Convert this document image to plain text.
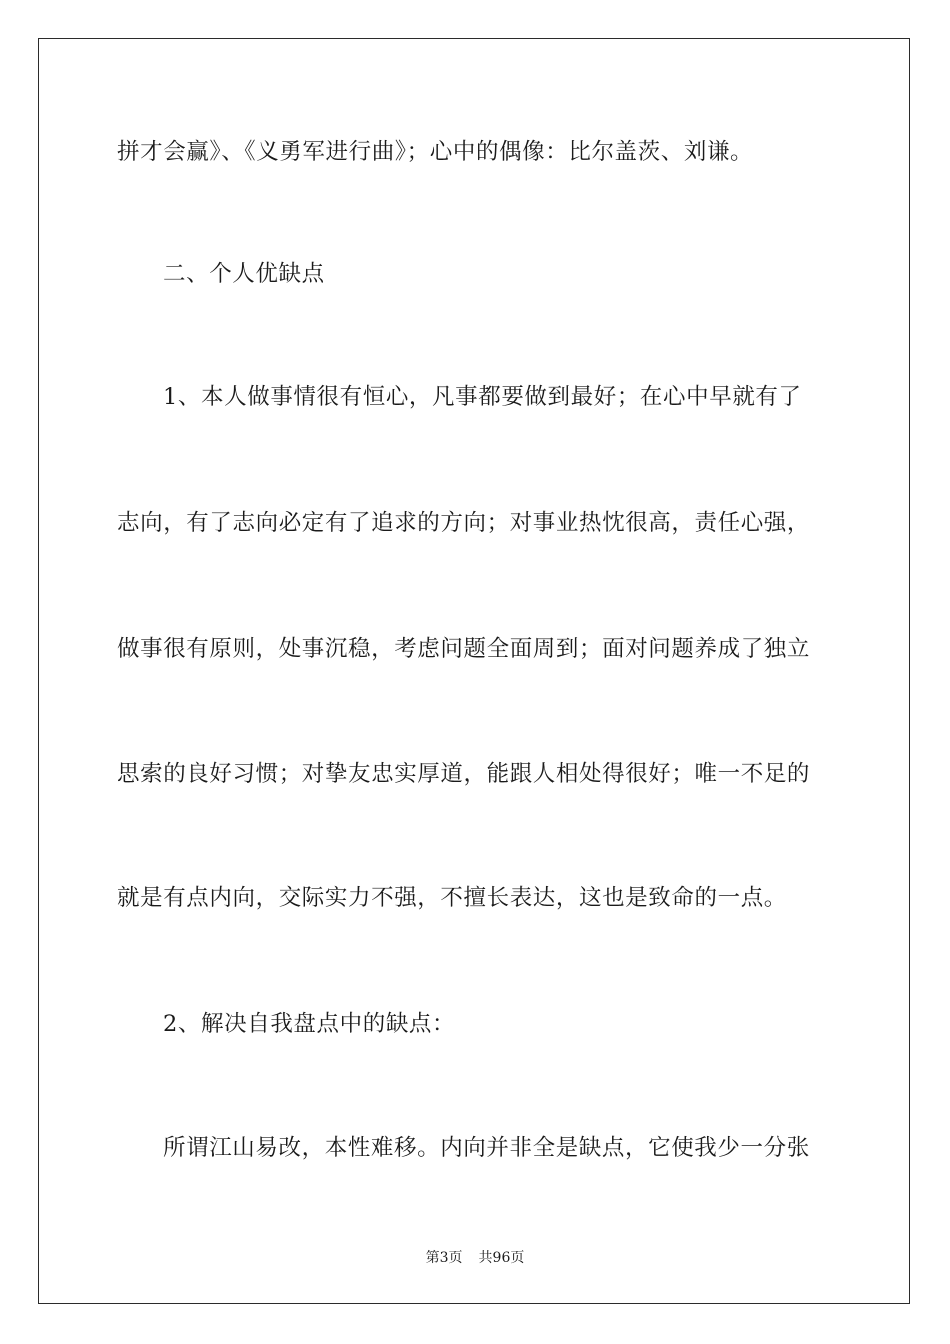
拼才会赢》、《义勇军进行曲》；心中的偶像：比尔盖茨、刘谦。
二、个人优缺点
1、本人做事情很有恒心，凡事都要做到最好；在心中早就有了
志向，有了志向必定有了追求的方向；对事业热忱很高，责任心强，
做事很有原则，处事沉稳，考虑问题全面周到；面对问题养成了独立
思索的良好习惯；对挚友忠实厚道，能跟人相处得很好；唯一不足的
就是有点内向，交际实力不强，不擅长表达，这也是致命的一点。
2、解决自我盘点中的缺点：
所谓江山易改，本性难移。内向并非全是缺点，它使我少一分张
第3页 共96页
